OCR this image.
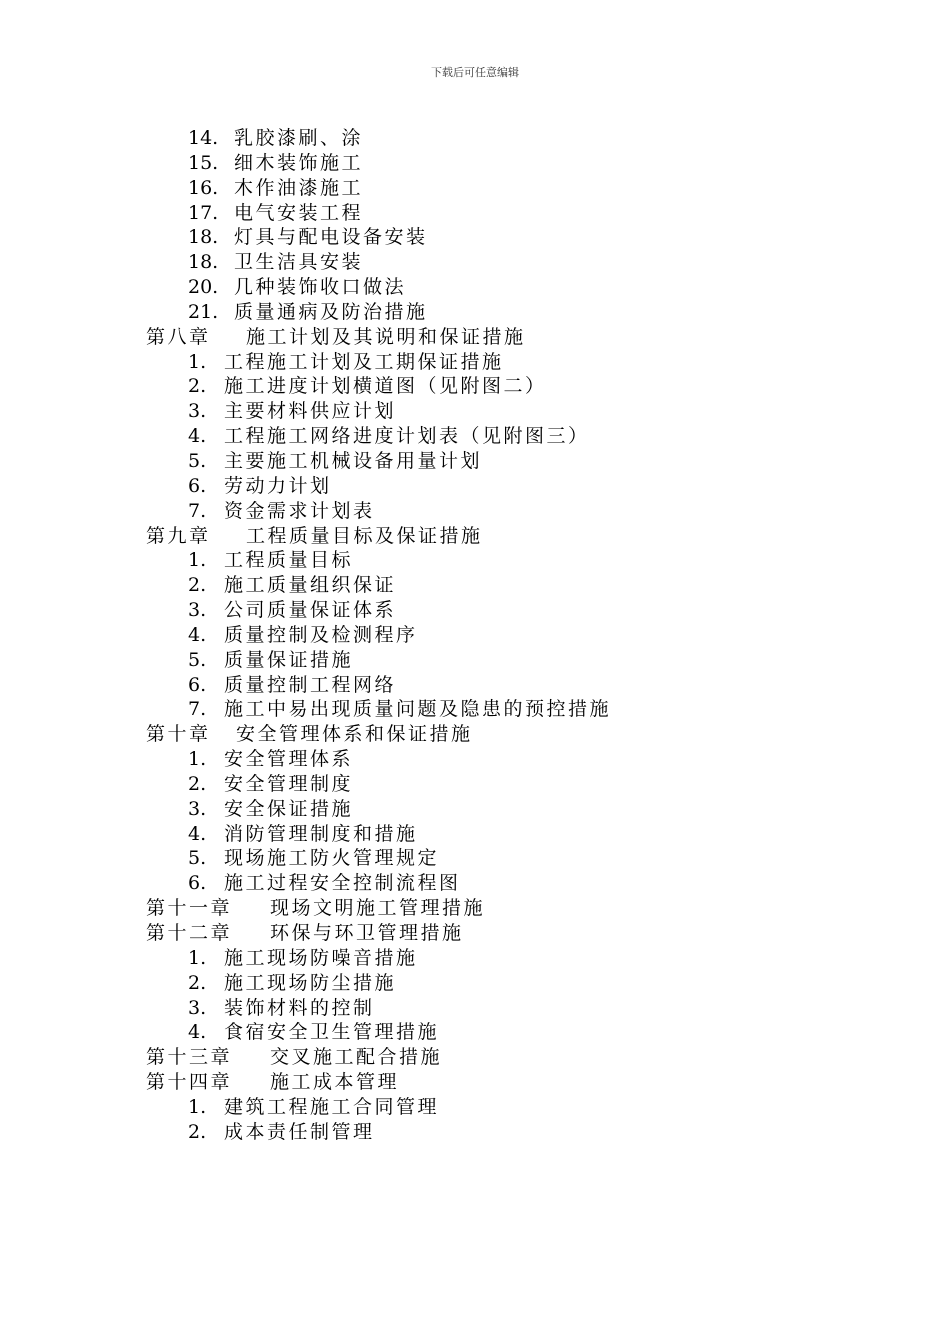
下载后可任意编辑
14. 乳胶漆刷、涂
15. 细木装饰施工
16. 木作油漆施工
17. 电气安装工程
18. 灯具与配电设备安装
18. 卫生洁具安装
20. 几种装饰收口做法
21. 质量通病及防治措施
第八章 施工计划及其说明和保证措施
1. 工程施工计划及工期保证措施
2. 施工进度计划横道图（见附图二）
3. 主要材料供应计划
4. 工程施工网络进度计划表（见附图三）
5. 主要施工机械设备用量计划
6. 劳动力计划
7. 资金需求计划表
第九章 工程质量目标及保证措施
1. 工程质量目标
2. 施工质量组织保证
3. 公司质量保证体系
4. 质量控制及检测程序
5. 质量保证措施
6. 质量控制工程网络
7. 施工中易出现质量问题及隐患的预控措施
第十章 安全管理体系和保证措施
1. 安全管理体系
2. 安全管理制度
3. 安全保证措施
4. 消防管理制度和措施
5. 现场施工防火管理规定
6. 施工过程安全控制流程图
第十一章 现场文明施工管理措施
第十二章 环保与环卫管理措施
1. 施工现场防噪音措施
2. 施工现场防尘措施
3. 装饰材料的控制
4. 食宿安全卫生管理措施
第十三章 交叉施工配合措施
第十四章 施工成本管理
1. 建筑工程施工合同管理
2. 成本责任制管理
